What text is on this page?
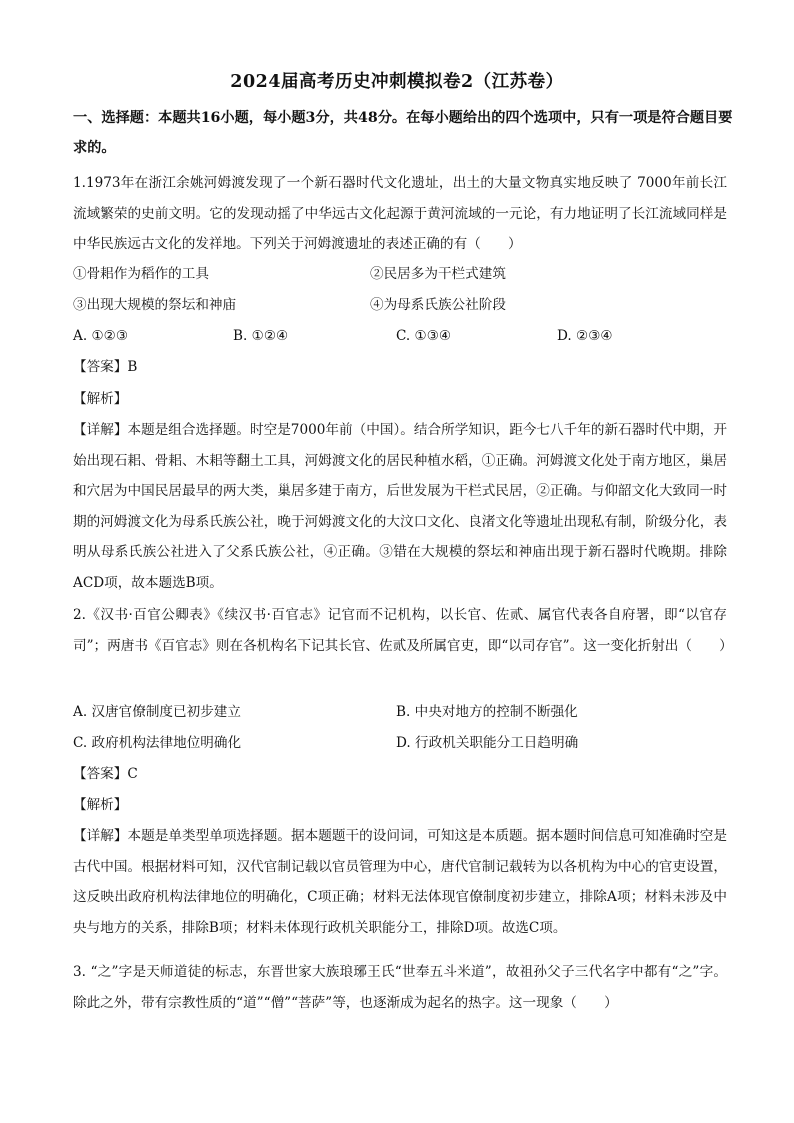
2024届高考历史冲刺模拟卷2（江苏卷）
一、选择题：本题共16小题，每小题3分，共48分。在每小题给出的四个选项中，只有一项是符合题目要求的。
1.1973年在浙江余姚河姆渡发现了一个新石器时代文化遗址，出土的大量文物真实地反映了 7000年前长江流域繁荣的史前文明。它的发现动摇了中华远古文化起源于黄河流域的一元论，有力地证明了长江流域同样是中华民族远古文化的发祥地。下列关于河姆渡遗址的表述正确的有（　　）
①骨耜作为稻作的工具	②民居多为干栏式建筑
③出现大规模的祭坛和神庙	④为母系氏族公社阶段
A. ①②③	B. ①②④	C. ①③④	D. ②③④
【答案】B
【解析】
【详解】本题是组合选择题。时空是7000年前（中国）。结合所学知识，距今七八千年的新石器时代中期，开始出现石耜、骨耜、木耜等翻土工具，河姆渡文化的居民种植水稻，①正确。河姆渡文化处于南方地区，巢居和穴居为中国民居最早的两大类，巢居多建于南方，后世发展为干栏式民居，②正确。与仰韶文化大致同一时期的河姆渡文化为母系氏族公社，晚于河姆渡文化的大汶口文化、良渚文化等遗址出现私有制，阶级分化，表明从母系氏族公社进入了父系氏族公社，④正确。③错在大规模的祭坛和神庙出现于新石器时代晚期。排除ACD项，故本题选B项。
2.《汉书·百官公卿表》《续汉书·百官志》记官而不记机构，以长官、佐贰、属官代表各自府署，即“以官存司”；两唐书《百官志》则在各机构名下记其长官、佐贰及所属官吏，即“以司存官”。这一变化折射出（　　）
A. 汉唐官僚制度已初步建立	B. 中央对地方的控制不断强化
C. 政府机构法律地位明确化	D. 行政机关职能分工日趋明确
【答案】C
【解析】
【详解】本题是单类型单项选择题。据本题题干的设问词，可知这是本质题。据本题时间信息可知准确时空是古代中国。根据材料可知，汉代官制记载以官员管理为中心，唐代官制记载转为以各机构为中心的官吏设置，这反映出政府机构法律地位的明确化，C项正确；材料无法体现官僚制度初步建立，排除A项；材料未涉及中央与地方的关系，排除B项；材料未体现行政机关职能分工，排除D项。故选C项。
3. “之”字是天师道徒的标志，东晋世家大族琅琊王氏“世奉五斗米道”，故祖孙父子三代名字中都有“之”字。除此之外，带有宗教性质的“道”“僧”“菩萨”等，也逐渐成为起名的热字。这一现象（　　）
